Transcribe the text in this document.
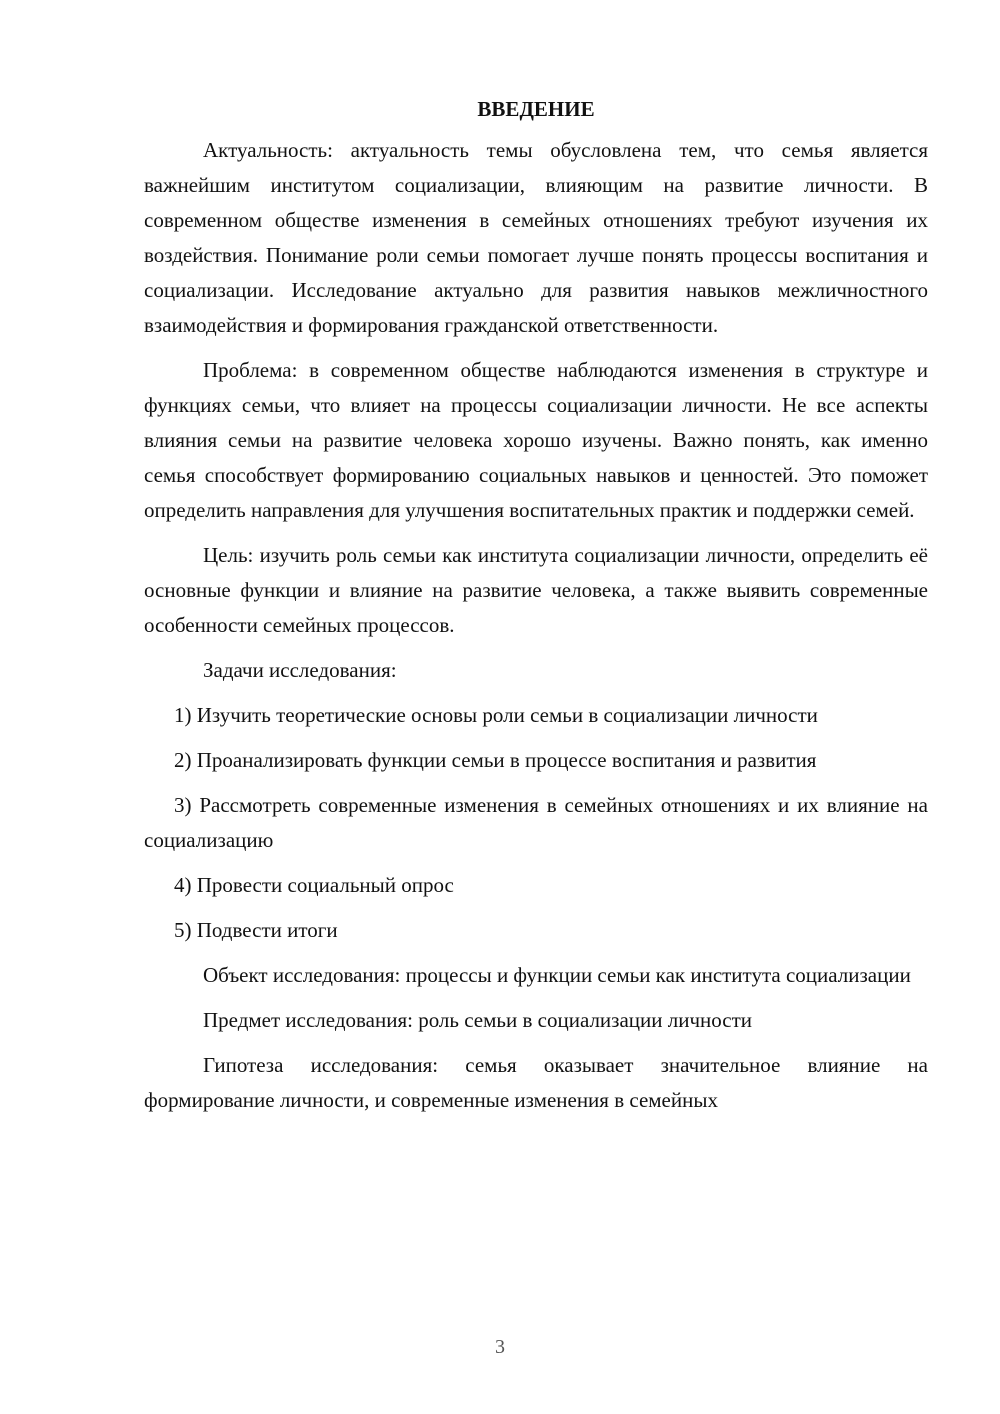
ВВЕДЕНИЕ

Актуальность: актуальность темы обусловлена тем, что семья является важнейшим институтом социализации, влияющим на развитие личности. В современном обществе изменения в семейных отношениях требуют изучения их воздействия. Понимание роли семьи помогает лучше понять процессы воспитания и социализации. Исследование актуально для развития навыков межличностного взаимодействия и формирования гражданской ответственности.

Проблема: в современном обществе наблюдаются изменения в структуре и функциях семьи, что влияет на процессы социализации личности. Не все аспекты влияния семьи на развитие человека хорошо изучены. Важно понять, как именно семья способствует формированию социальных навыков и ценностей. Это поможет определить направления для улучшения воспитательных практик и поддержки семей.

Цель: изучить роль семьи как института социализации личности, определить её основные функции и влияние на развитие человека, а также выявить современные особенности семейных процессов.

Задачи исследования:

1) Изучить теоретические основы роли семьи в социализации личности

2) Проанализировать функции семьи в процессе воспитания и развития

3) Рассмотреть современные изменения в семейных отношениях и их влияние на социализацию

4) Провести социальный опрос

5) Подвести итоги

Объект исследования: процессы и функции семьи как института социализации

Предмет исследования: роль семьи в социализации личности

Гипотеза исследования: семья оказывает значительное влияние на формирование личности, и современные изменения в семейных

3
